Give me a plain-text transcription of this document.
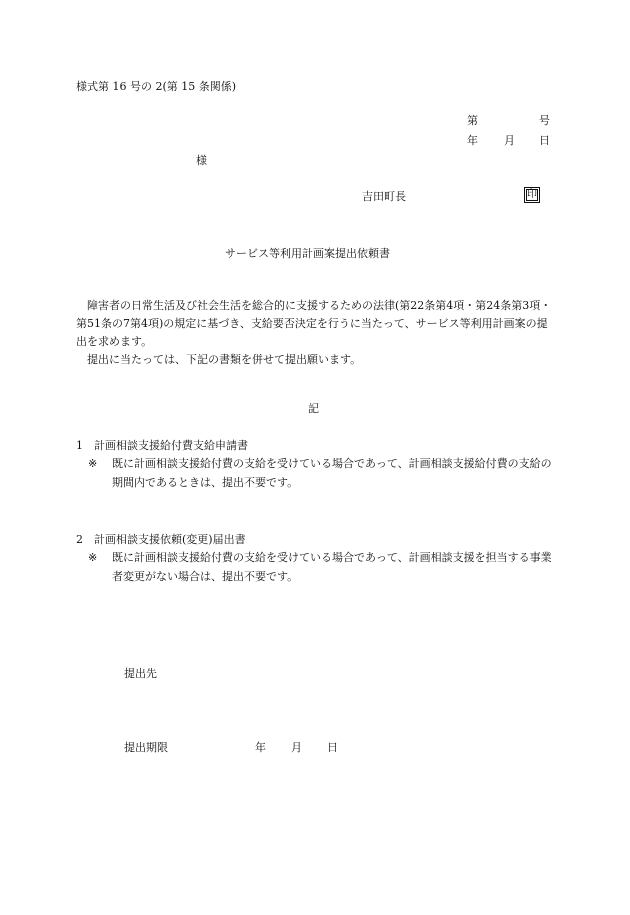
様式第 16 号の 2(第 15 条関係)
第	号
年 月 日
様
吉田町長	印
サービス等利用計画案提出依頼書

障害者の日常生活及び社会生活を総合的に支援するための法律(第22条第4項・第24条第3項・第51条の7第4項)の規定に基づき、支給要否決定を行うに当たって、サービス等利用計画案の提出を求めます。

提出に当たっては、下記の書類を併せて提出願います。

記
1　計画相談支援給付費支給申請書
※	既に計画相談支援給付費の支給を受けている場合であって、計画相談支援給付費の支給の期間内であるときは、提出不要です。
2　計画相談支援依頼(変更)届出書
※	既に計画相談支援給付費の支給を受けている場合であって、計画相談支援を担当する事業者変更がない場合は、提出不要です。
提出先
提出期限	年 月 日
